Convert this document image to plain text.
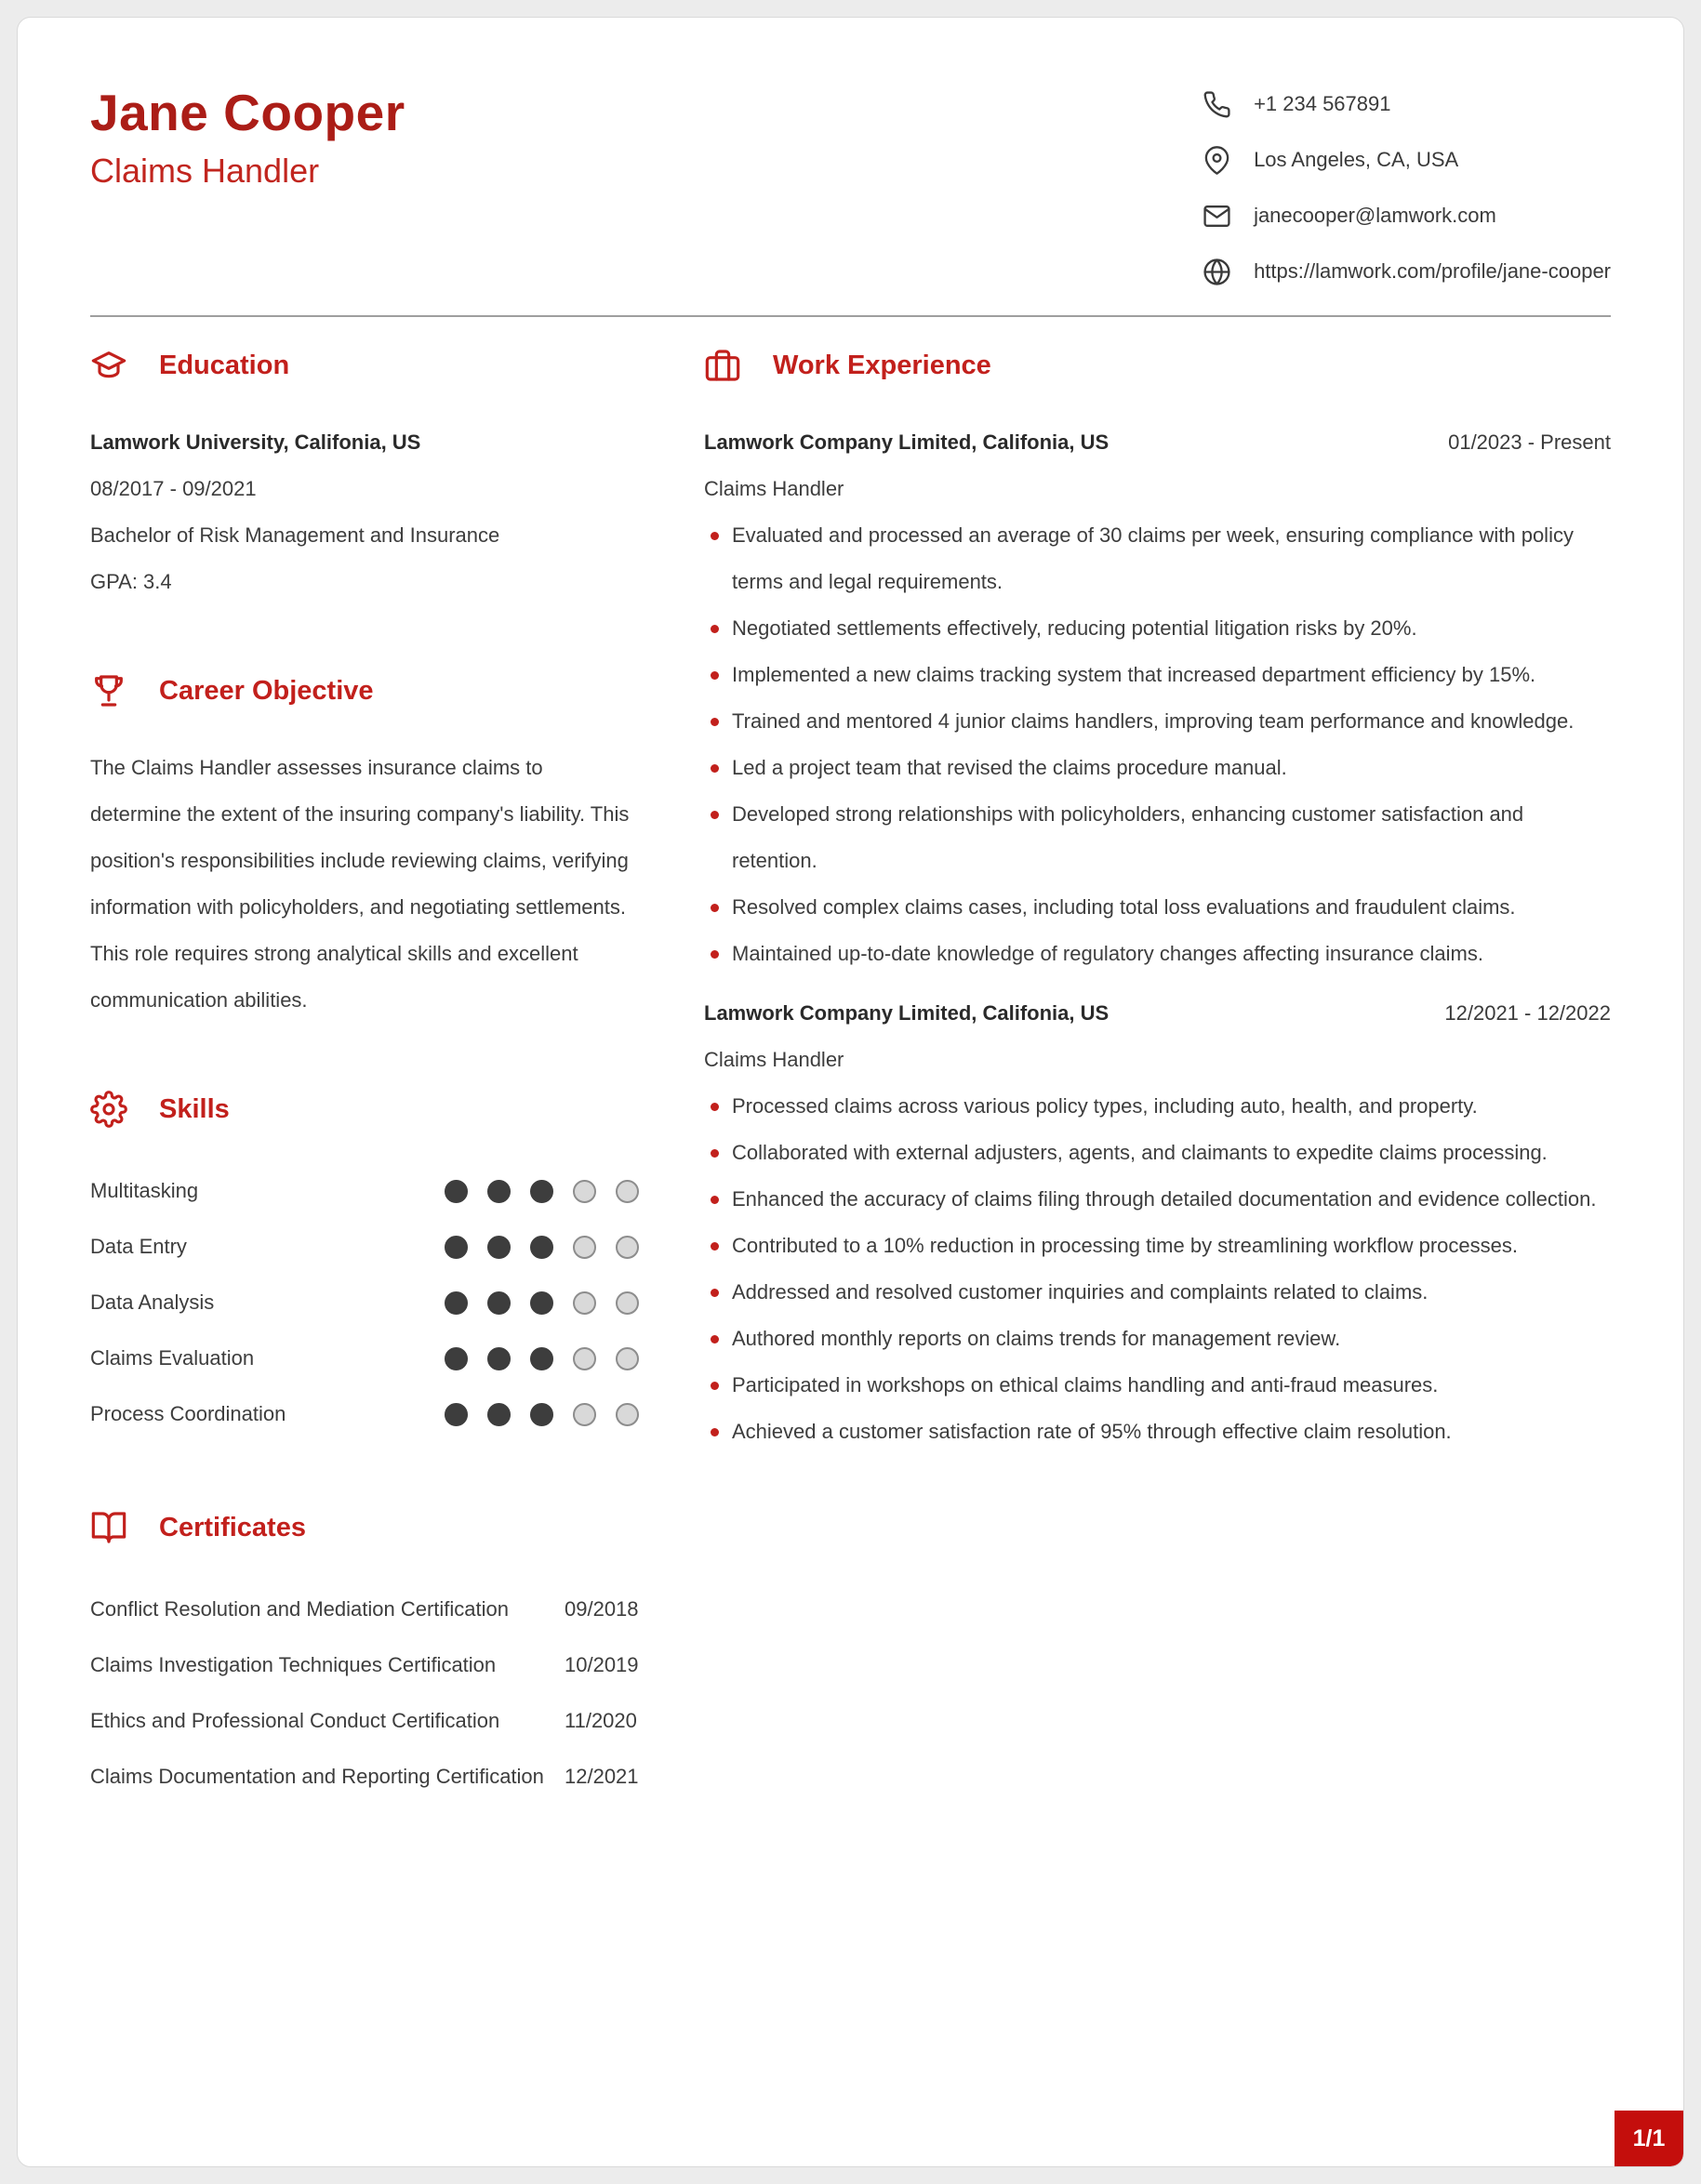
Jane Cooper
Claims Handler
+1 234 567891
Los Angeles, CA, USA
janecooper@lamwork.com
https://lamwork.com/profile/jane-cooper
Education
Lamwork University, Califonia, US
08/2017 - 09/2021
Bachelor of Risk Management and Insurance
GPA: 3.4
Career Objective

The Claims Handler assesses insurance claims to determine the extent of the insuring company's liability. This position's responsibilities include reviewing claims, verifying information with policyholders, and negotiating settlements. This role requires strong analytical skills and excellent communication abilities.

Skills
Multitasking
Data Entry
Data Analysis
Claims Evaluation
Process Coordination
Certificates
Conflict Resolution and Mediation Certification	09/2018
Claims Investigation Techniques Certification	10/2019
Ethics and Professional Conduct Certification	11/2020
Claims Documentation and Reporting Certification	12/2021
Work Experience
Lamwork Company Limited, Califonia, US	01/2023 - Present
Claims Handler
Evaluated and processed an average of 30 claims per week, ensuring compliance with policy terms and legal requirements.
Negotiated settlements effectively, reducing potential litigation risks by 20%.
Implemented a new claims tracking system that increased department efficiency by 15%.
Trained and mentored 4 junior claims handlers, improving team performance and knowledge.
Led a project team that revised the claims procedure manual.
Developed strong relationships with policyholders, enhancing customer satisfaction and retention.
Resolved complex claims cases, including total loss evaluations and fraudulent claims.
Maintained up-to-date knowledge of regulatory changes affecting insurance claims.
Lamwork Company Limited, Califonia, US	12/2021 - 12/2022
Claims Handler
Processed claims across various policy types, including auto, health, and property.
Collaborated with external adjusters, agents, and claimants to expedite claims processing.
Enhanced the accuracy of claims filing through detailed documentation and evidence collection.
Contributed to a 10% reduction in processing time by streamlining workflow processes.
Addressed and resolved customer inquiries and complaints related to claims.
Authored monthly reports on claims trends for management review.
Participated in workshops on ethical claims handling and anti-fraud measures.
Achieved a customer satisfaction rate of 95% through effective claim resolution.
1/1
